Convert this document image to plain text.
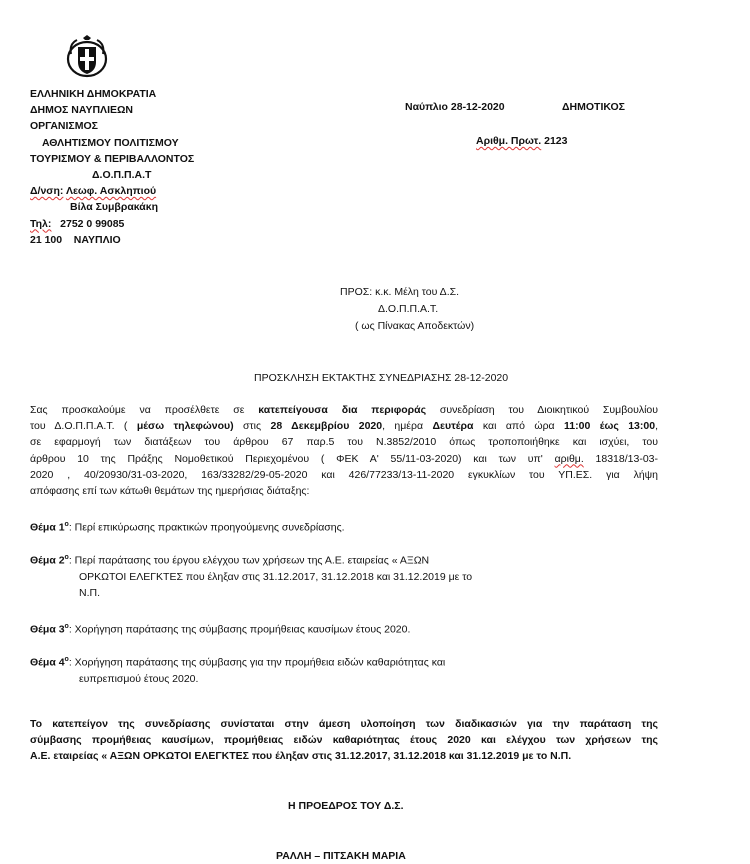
ΕΛΛΗΝΙΚΗ ΔΗΜΟΚΡΑΤΙΑ
ΔΗΜΟΣ ΝΑΥΠΛΙΕΩΝ
ΟΡΓΑΝΙΣΜΟΣ
ΑΘΛΗΤΙΣΜΟΥ ΠΟΛΙΤΙΣΜΟΥ
ΤΟΥΡΙΣΜΟΥ & ΠΕΡΙΒΑΛΛΟΝΤΟΣ
Δ.Ο.Π.Π.Α.Τ
Δ/νση: Λεωφ. Ασκληπιού
Βίλα Συμβρακάκη
Τηλ: 2752 0 99085
21 100 ΝΑΥΠΛΙΟ
Ναύπλιο 28-12-2020	ΔΗΜΟΤΙΚΟΣ
Αριθμ. Πρωτ. 2123
ΠΡΟΣ: κ.κ. Μέλη του Δ.Σ.
Δ.Ο.Π.Π.Α.Τ.
( ως Πίνακας Αποδεκτών)
ΠΡΟΣΚΛΗΣΗ ΕΚΤΑΚΤΗΣ ΣΥΝΕΔΡΙΑΣΗΣ 28-12-2020
Σας προσκαλούμε να προσέλθετε σε κατεπείγουσα δια περιφοράς συνεδρίαση του Διοικητικού Συμβουλίου
του Δ.Ο.Π.Π.Α.Τ. ( μέσω τηλεφώνου) στις 28 Δεκεμβρίου 2020, ημέρα Δευτέρα και από ώρα 11:00 έως 13:00,
σε εφαρμογή των διατάξεων του άρθρου 67 παρ.5 του Ν.3852/2010 όπως τροποποιήθηκε και ισχύει, του
άρθρου 10 της Πράξης Νομοθετικού Περιεχομένου ( ΦΕΚ Α' 55/11-03-2020) και των υπ' αριθμ. 18318/13-03-
2020 , 40/20930/31-03-2020, 163/33282/29-05-2020 και 426/77233/13-11-2020 εγκυκλίων του ΥΠ.ΕΣ. για λήψη
απόφασης επί των κάτωθι θεμάτων της ημερήσιας διάταξης:
Θέμα $1^o$: Περί επικύρωσης πρακτικών προηγούμενης συνεδρίασης.
Θέμα $2^o$: Περί παράτασης του έργου ελέγχου των χρήσεων της Α.Ε. εταιρείας « ΑΞΩΝ
ΟΡΚΩΤΟΙ ΕΛΕΓΚΤΕΣ που έληξαν στις 31.12.2017, 31.12.2018 και 31.12.2019 με το
Ν.Π.
Θέμα $3^o$: Χορήγηση παράτασης της σύμβασης προμήθειας καυσίμων έτους 2020.
Θέμα $4^o$: Χορήγηση παράτασης της σύμβασης για την προμήθεια ειδών καθαριότητας και
ευπρεπισμού έτους 2020.
Το κατεπείγον της συνεδρίασης συνίσταται στην άμεση υλοποίηση των διαδικασιών για την παράταση της
σύμβασης προμήθειας καυσίμων, προμήθειας ειδών καθαριότητας έτους 2020 και ελέγχου των χρήσεων της
Α.Ε. εταιρείας « ΑΞΩΝ ΟΡΚΩΤΟΙ ΕΛΕΓΚΤΕΣ που έληξαν στις 31.12.2017, 31.12.2018 και 31.12.2019 με το Ν.Π.
Η ΠΡΟΕΔΡΟΣ ΤΟΥ Δ.Σ.
ΡΑΛΛΗ – ΠΙΤΣΑΚΗ ΜΑΡΙΑ
